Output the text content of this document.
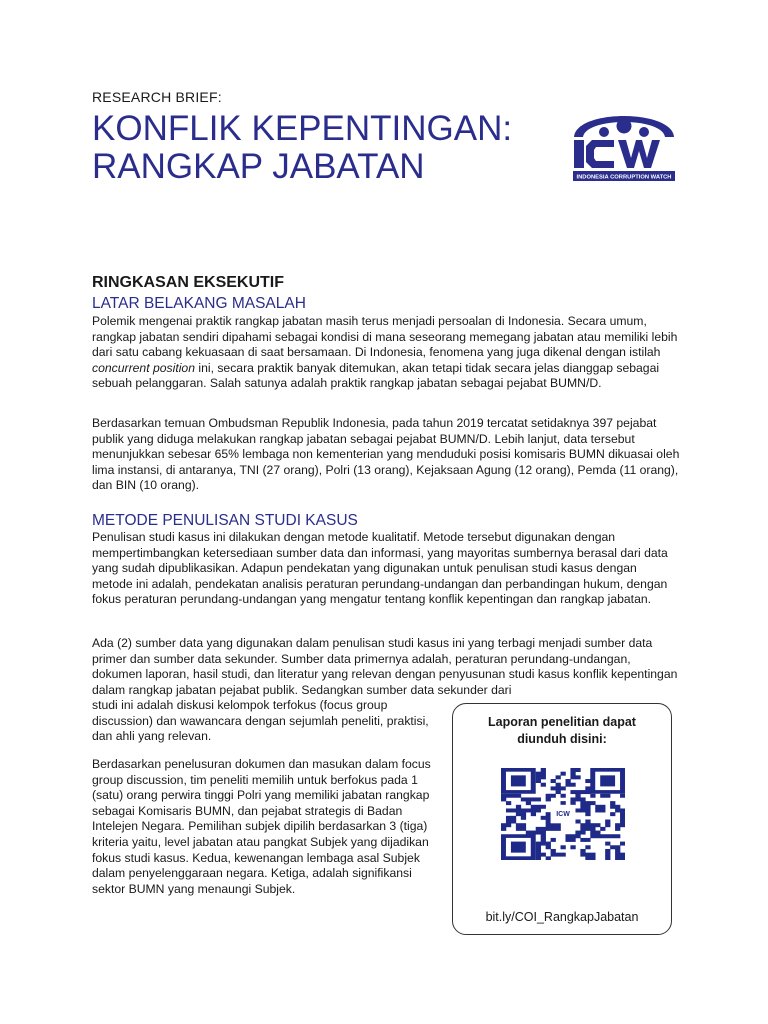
RESEARCH BRIEF:
KONFLIK KEPENTINGAN:
RANGKAP JABATAN	INDONESIA CORRUPTION WATCH
RINGKASAN EKSEKUTIF
LATAR BELAKANG MASALAH

Polemik mengenai praktik rangkap jabatan masih terus menjadi persoalan di Indonesia. Secara umum, rangkap jabatan sendiri dipahami sebagai kondisi di mana seseorang memegang jabatan atau memiliki lebih dari satu cabang kekuasaan di saat bersamaan. Di Indonesia, fenomena yang juga dikenal dengan istilah concurrent position ini, secara praktik banyak ditemukan, akan tetapi tidak secara jelas dianggap sebagai sebuah pelanggaran. Salah satunya adalah praktik rangkap jabatan sebagai pejabat BUMN/D.

Berdasarkan temuan Ombudsman Republik Indonesia, pada tahun 2019 tercatat setidaknya 397 pejabat publik yang diduga melakukan rangkap jabatan sebagai pejabat BUMN/D. Lebih lanjut, data tersebut menunjukkan sebesar 65% lembaga non kementerian yang menduduki posisi komisaris BUMN dikuasai oleh lima instansi, di antaranya, TNI (27 orang), Polri (13 orang), Kejaksaan Agung (12 orang), Pemda (11 orang), dan BIN (10 orang).

METODE PENULISAN STUDI KASUS

Penulisan studi kasus ini dilakukan dengan metode kualitatif. Metode tersebut digunakan dengan mempertimbangkan ketersediaan sumber data dan informasi, yang mayoritas sumbernya berasal dari data yang sudah dipublikasikan. Adapun pendekatan yang digunakan untuk penulisan studi kasus dengan metode ini adalah, pendekatan analisis peraturan perundang-undangan dan perbandingan hukum, dengan fokus peraturan perundang-undangan yang mengatur tentang konflik kepentingan dan rangkap jabatan.

Ada (2) sumber data yang digunakan dalam penulisan studi kasus ini yang terbagi menjadi sumber data primer dan sumber data sekunder. Sumber data primernya adalah, peraturan perundang-undangan, dokumen laporan, hasil studi, dan literatur yang relevan dengan penyusunan studi kasus konflik kepentingan dalam rangkap jabatan pejabat publik. Sedangkan sumber data sekunder dari

studi ini adalah diskusi kelompok terfokus (focus group discussion) dan wawancara dengan sejumlah peneliti, praktisi, dan ahli yang relevan.

Berdasarkan penelusuran dokumen dan masukan dalam focus group discussion, tim peneliti memilih untuk berfokus pada 1 (satu) orang perwira tinggi Polri yang memiliki jabatan rangkap sebagai Komisaris BUMN, dan pejabat strategis di Badan Intelejen Negara. Pemilihan subjek dipilih berdasarkan 3 (tiga) kriteria yaitu, level jabatan atau pangkat Subjek yang dijadikan fokus studi kasus. Kedua, kewenangan lembaga asal Subjek dalam penyelenggaraan negara. Ketiga, adalah signifikansi sektor BUMN yang menaungi Subjek.

Laporan penelitian dapat
diunduh disini:
ICW
bit.ly/COI_RangkapJabatan
